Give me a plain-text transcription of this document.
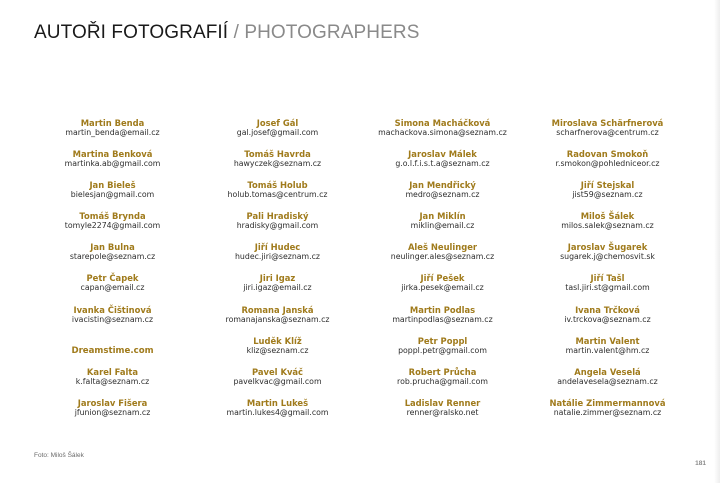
AUTOŘI FOTOGRAFIÍ / PHOTOGRAPHERS
Martin Benda
martin_benda@email.cz
Martina Benková
martinka.ab@gmail.com
Jan Bieleš
bielesjan@gmail.com
Tomáš Brynda
tomyle2274@gmail.com
Jan Bulna
starepole@seznam.cz
Petr Čapek
capan@email.cz
Ivanka Čištinová
ivacistin@seznam.cz
Dreamstime.com
Karel Falta
k.falta@seznam.cz
Jaroslav Fišera
jfunion@seznam.cz
Josef Gál
gal.josef@gmail.com
Tomáš Havrda
hawyczek@seznam.cz
Tomáš Holub
holub.tomas@centrum.cz
Pali Hradiský
hradisky@gmail.com
Jiří Hudec
hudec.jiri@seznam.cz
Jiri Igaz
jiri.igaz@email.cz
Romana Janská
romanajanska@seznam.cz
Luděk Klíž
kliz@seznam.cz
Pavel Kváč
pavelkvac@gmail.com
Martin Lukeš
martin.lukes4@gmail.com
Simona Macháčková
machackova.simona@seznam.cz
Jaroslav Málek
g.o.l.f.i.s.t.a@seznam.cz
Jan Mendřický
medro@seznam.cz
Jan Miklín
miklin@email.cz
Aleš Neulinger
neulinger.ales@seznam.cz
Jiří Pešek
jirka.pesek@email.cz
Martin Podlas
martinpodlas@seznam.cz
Petr Poppl
poppl.petr@gmail.com
Robert Průcha
rob.prucha@gmail.com
Ladislav Renner
renner@ralsko.net
Miroslava Schärfnerová
scharfnerova@centrum.cz
Radovan Smokoň
r.smokon@pohledniceor.cz
Jiří Stejskal
jist59@seznam.cz
Miloš Šálek
milos.salek@seznam.cz
Jaroslav Šugarek
sugarek.j@chemosvit.sk
Jiří Tašl
tasl.jiri.st@gmail.com
Ivana Trčková
iv.trckova@seznam.cz
Martin Valent
martin.valent@hm.cz
Angela Veselá
andelavesela@seznam.cz
Natálie Zimmermannová
natalie.zimmer@seznam.cz
Foto: Miloš Šálek
181
